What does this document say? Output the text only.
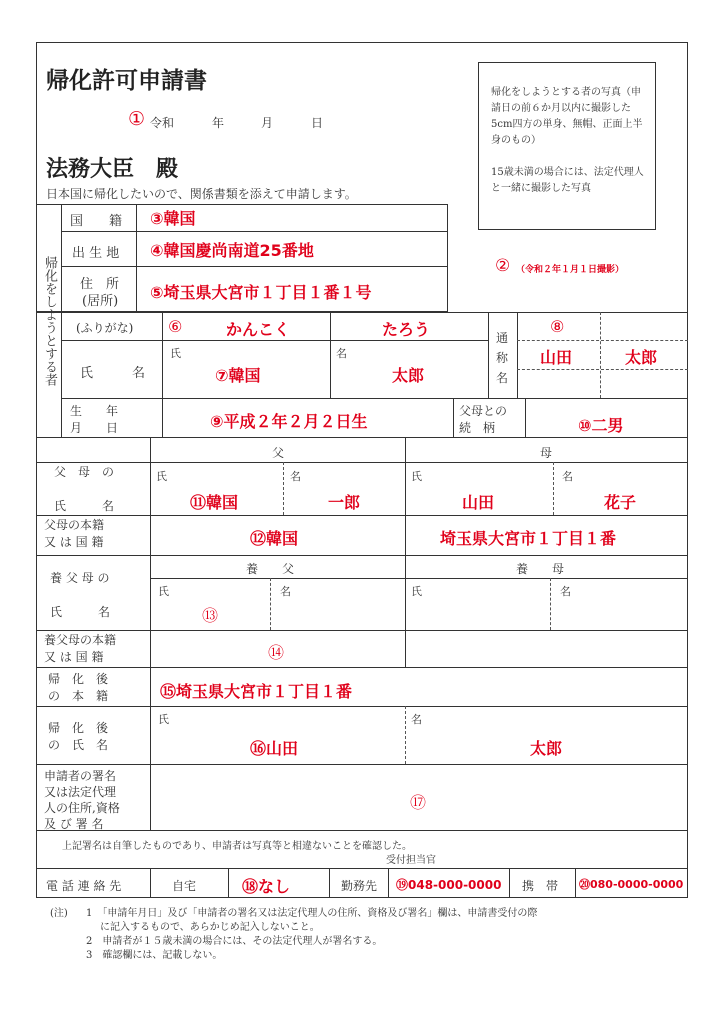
帰化許可申請書
① 令和	年	月	日
法務大臣　殿
日本国に帰化したいので、関係書類を添えて申請します。
帰化をしようとする者の写真（申請日の前６か月以内に撮影した5cm四方の単身、無帽、正面上半身のもの）
15歳未満の場合には、法定代理人と一緒に撮影した写真
② （令和２年１月１日撮影）
帰化をしようとする者
国　　籍 ③韓国
出 生 地 ④韓国慶尚南道25番地
住　所
(居所) ⑤埼玉県大宮市１丁目１番１号
(ふりがな) ⑥	かんこく	たろう
氏　　　名
氏	名
⑦韓国	太郎
通称名
⑧
山田	太郎
生　　年
月　　日	⑨平成２年２月２日生
父母との
続　柄	⑩二男
父　母　の
氏　　　名
父	母
氏	名	氏	名
⑪韓国	一郎	山田	花子
父母の本籍
又 は 国 籍	⑫韓国	埼玉県大宮市１丁目１番
養 父 母 の
氏　　　名
養　　父	養　　母
氏	名	氏	名
⑬
養父母の本籍
又 は 国 籍	⑭
帰　化　後
の　本　籍	⑮埼玉県大宮市１丁目１番
帰　化　後
の　氏　名
氏	名
⑯山田	太郎
申請者の署名
又は法定代理
人の住所,資格
及 び 署 名
⑰
上記署名は自筆したものであり、申請者は写真等と相違ないことを確認した。
受付担当官
電 話 連 絡 先	自宅	⑱なし	勤務先 ⑲048-000-0000 携　帯 ⑳080-0000-0000
(注) 1　「申請年月日」及び「申請者の署名又は法定代理人の住所、資格及び署名」欄は、申請書受付の際
に記入するもので、あらかじめ記入しないこと。
2　申請者が１５歳未満の場合には、その法定代理人が署名する。
3　確認欄には、記載しない。
